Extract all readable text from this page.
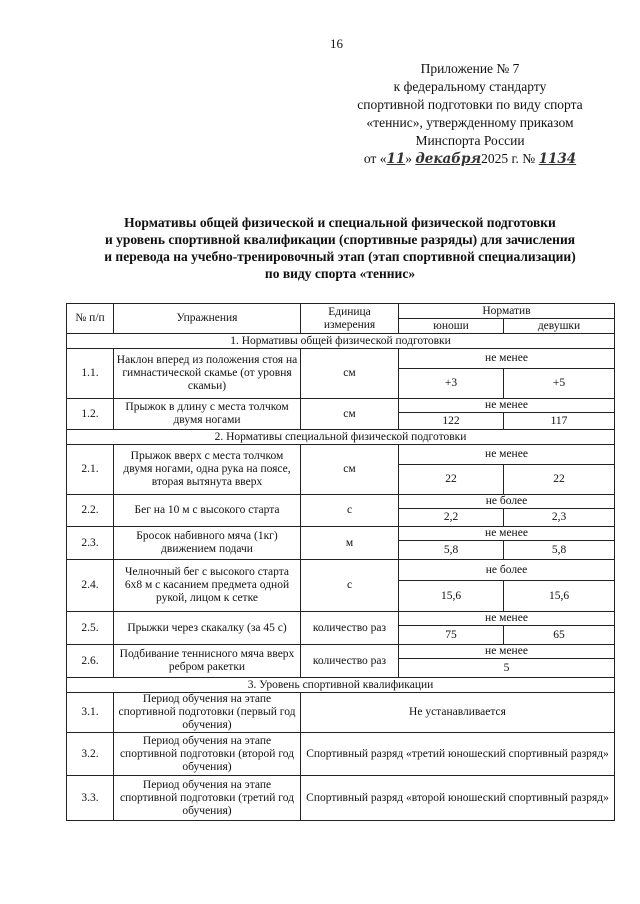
16
Приложение № 7
к федеральному стандарту
спортивной подготовки по виду спорта
«теннис», утвержденному приказом
Минспорта России
от «11» декабря2025 г. № 1134
Нормативы общей физической и специальной физической подготовки
и уровень спортивной квалификации (спортивные разряды) для зачисления
и перевода на учебно-тренировочный этап (этап спортивной специализации)
по виду спорта «теннис»
№ п/п	Упражнения	Единица измерения	Норматив	
			юноши	девушки
1. Нормативы общей физической подготовки				
1.1.	Наклон вперед из положения стоя на гимнастической скамье (от уровня скамьи)	см	не менее	
			+3	+5
1.2.	Прыжок в длину с места толчком двумя ногами	см	не менее	
			122	117
2. Нормативы специальной физической подготовки				
2.1.	Прыжок вверх с места толчком двумя ногами, одна рука на поясе, вторая вытянута вверх	см	не менее	
			22	22
2.2.	Бег на 10 м с высокого старта	с	не более	
			2,2	2,3
2.3.	Бросок набивного мяча (1кг) движением подачи	м	не менее	
			5,8	5,8
2.4.	Челночный бег с высокого старта 6х8 м с касанием предмета одной рукой, лицом к сетке	с	не более	
			15,6	15,6
2.5.	Прыжки через скакалку (за 45 с)	количество раз	не менее	
			75	65
2.6.	Подбивание теннисного мяча вверх ребром ракетки	количество раз	не менее	
			5	
3. Уровень спортивной квалификации				
3.1.	Период обучения на этапе спортивной подготовки (первый год обучения)	Не устанавливается		
3.2.	Период обучения на этапе спортивной подготовки (второй год обучения)	Спортивный разряд «третий юношеский спортивный разряд»		
3.3.	Период обучения на этапе спортивной подготовки (третий год обучения)	Спортивный разряд «второй юношеский спортивный разряд»		
